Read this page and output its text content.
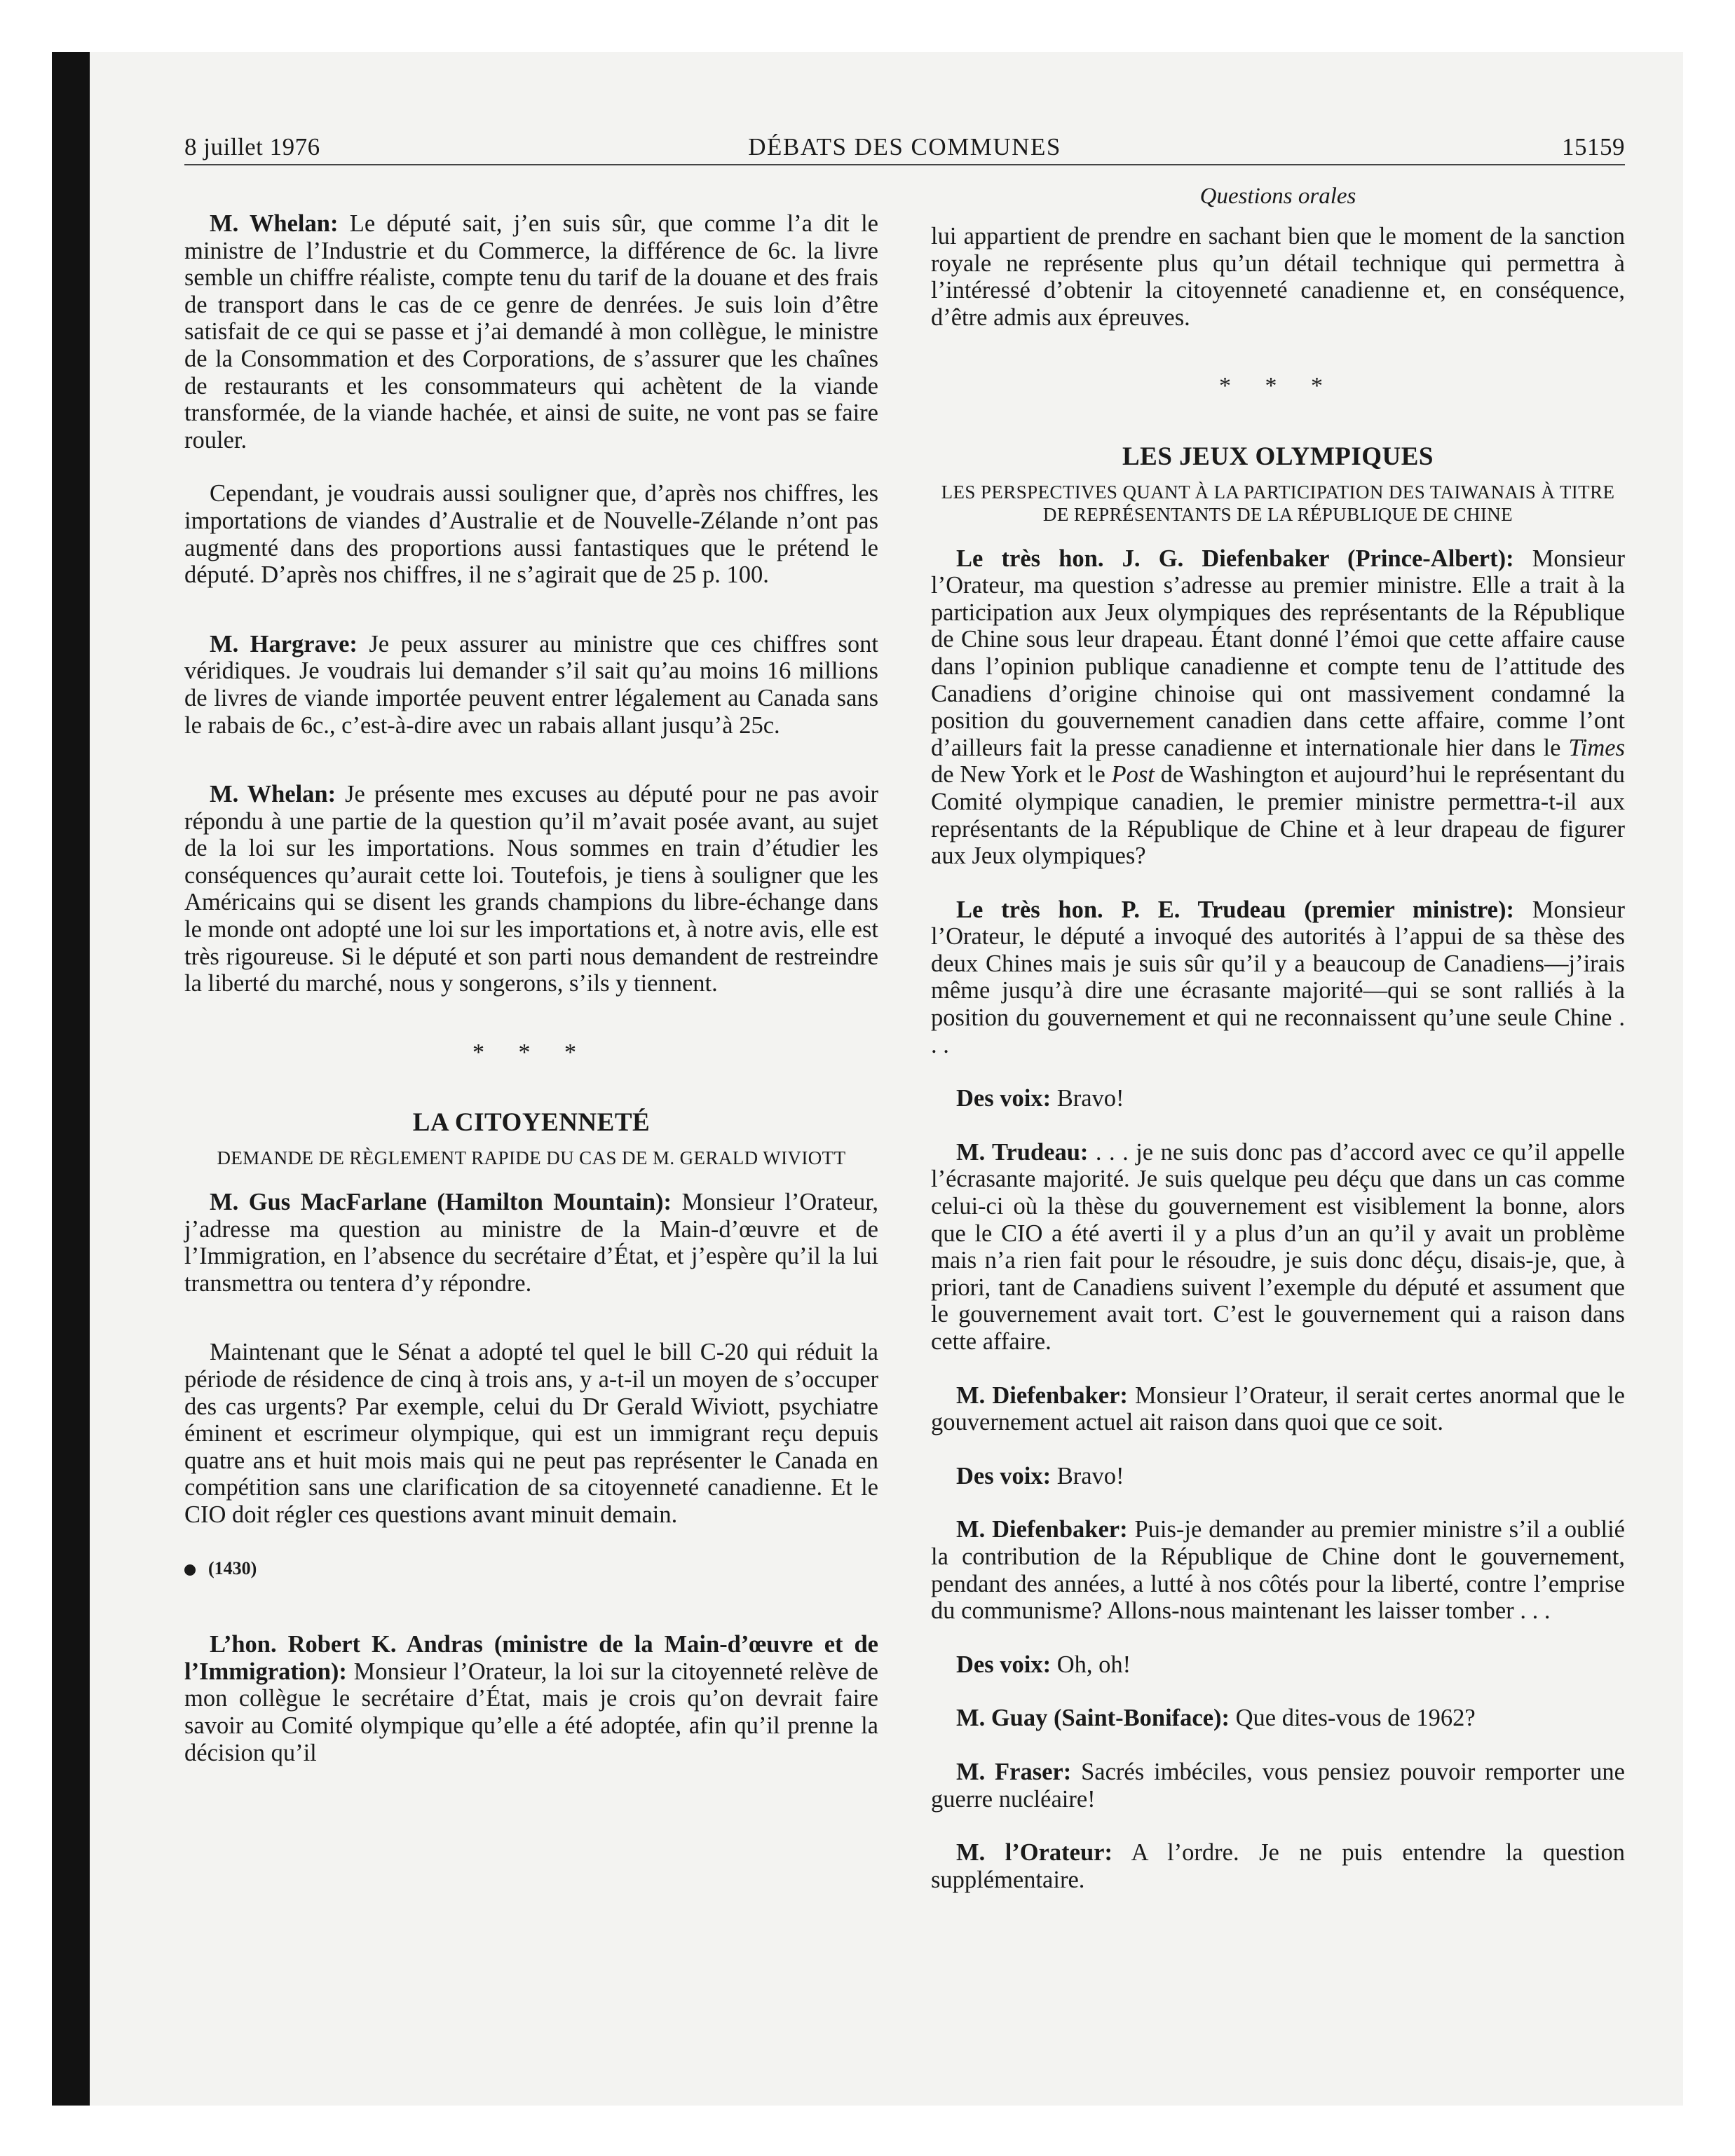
8 juillet 1976	DÉBATS DES COMMUNES	15159
Questions orales

M. Whelan: Le député sait, j’en suis sûr, que comme l’a dit le ministre de l’Industrie et du Commerce, la différence de 6c. la livre semble un chiffre réaliste, compte tenu du tarif de la douane et des frais de transport dans le cas de ce genre de denrées. Je suis loin d’être satisfait de ce qui se passe et j’ai demandé à mon collègue, le ministre de la Consommation et des Corporations, de s’assurer que les chaînes de restaurants et les consommateurs qui achètent de la viande transformée, de la viande hachée, et ainsi de suite, ne vont pas se faire rouler.

Cependant, je voudrais aussi souligner que, d’après nos chiffres, les importations de viandes d’Australie et de Nouvelle-Zélande n’ont pas augmenté dans des proportions aussi fantastiques que le prétend le député. D’après nos chiffres, il ne s’agirait que de 25 p. 100.

M. Hargrave: Je peux assurer au ministre que ces chiffres sont véridiques. Je voudrais lui demander s’il sait qu’au moins 16 millions de livres de viande importée peuvent entrer légalement au Canada sans le rabais de 6c., c’est-à-dire avec un rabais allant jusqu’à 25c.

M. Whelan: Je présente mes excuses au député pour ne pas avoir répondu à une partie de la question qu’il m’avait posée avant, au sujet de la loi sur les importations. Nous sommes en train d’étudier les conséquences qu’aurait cette loi. Toutefois, je tiens à souligner que les Américains qui se disent les grands champions du libre-échange dans le monde ont adopté une loi sur les importations et, à notre avis, elle est très rigoureuse. Si le député et son parti nous demandent de restreindre la liberté du marché, nous y songerons, s’ils y tiennent.

* * *
LA CITOYENNETÉ
DEMANDE DE RÈGLEMENT RAPIDE DU CAS DE M. GERALD WIVIOTT

M. Gus MacFarlane (Hamilton Mountain): Monsieur l’Orateur, j’adresse ma question au ministre de la Main-d’œuvre et de l’Immigration, en l’absence du secrétaire d’État, et j’espère qu’il la lui transmettra ou tentera d’y répondre.

Maintenant que le Sénat a adopté tel quel le bill C-20 qui réduit la période de résidence de cinq à trois ans, y a-t-il un moyen de s’occuper des cas urgents? Par exemple, celui du Dr Gerald Wiviott, psychiatre éminent et escrimeur olympique, qui est un immigrant reçu depuis quatre ans et huit mois mais qui ne peut pas représenter le Canada en compétition sans une clarification de sa citoyenneté canadienne. Et le CIO doit régler ces questions avant minuit demain.

(1430)

L’hon. Robert K. Andras (ministre de la Main-d’œuvre et de l’Immigration): Monsieur l’Orateur, la loi sur la citoyenneté relève de mon collègue le secrétaire d’État, mais je crois qu’on devrait faire savoir au Comité olympique qu’elle a été adoptée, afin qu’il prenne la décision qu’il

lui appartient de prendre en sachant bien que le moment de la sanction royale ne représente plus qu’un détail technique qui permettra à l’intéressé d’obtenir la citoyenneté canadienne et, en conséquence, d’être admis aux épreuves.

* * *
LES JEUX OLYMPIQUES
LES PERSPECTIVES QUANT À LA PARTICIPATION DES TAIWANAIS À TITRE DE REPRÉSENTANTS DE LA RÉPUBLIQUE DE CHINE

Le très hon. J. G. Diefenbaker (Prince-Albert): Monsieur l’Orateur, ma question s’adresse au premier ministre. Elle a trait à la participation aux Jeux olympiques des représentants de la République de Chine sous leur drapeau. Étant donné l’émoi que cette affaire cause dans l’opinion publique canadienne et compte tenu de l’attitude des Canadiens d’origine chinoise qui ont massivement condamné la position du gouvernement canadien dans cette affaire, comme l’ont d’ailleurs fait la presse canadienne et internationale hier dans le Times de New York et le Post de Washington et aujourd’hui le représentant du Comité olympique canadien, le premier ministre permettra-t-il aux représentants de la République de Chine et à leur drapeau de figurer aux Jeux olympiques?

Le très hon. P. E. Trudeau (premier ministre): Monsieur l’Orateur, le député a invoqué des autorités à l’appui de sa thèse des deux Chines mais je suis sûr qu’il y a beaucoup de Canadiens—j’irais même jusqu’à dire une écrasante majorité—qui se sont ralliés à la position du gouvernement et qui ne reconnaissent qu’une seule Chine . . .

Des voix: Bravo!

M. Trudeau: . . . je ne suis donc pas d’accord avec ce qu’il appelle l’écrasante majorité. Je suis quelque peu déçu que dans un cas comme celui-ci où la thèse du gouvernement est visiblement la bonne, alors que le CIO a été averti il y a plus d’un an qu’il y avait un problème mais n’a rien fait pour le résoudre, je suis donc déçu, disais-je, que, à priori, tant de Canadiens suivent l’exemple du député et assument que le gouvernement avait tort. C’est le gouvernement qui a raison dans cette affaire.

M. Diefenbaker: Monsieur l’Orateur, il serait certes anormal que le gouvernement actuel ait raison dans quoi que ce soit.

Des voix: Bravo!

M. Diefenbaker: Puis-je demander au premier ministre s’il a oublié la contribution de la République de Chine dont le gouvernement, pendant des années, a lutté à nos côtés pour la liberté, contre l’emprise du communisme? Allons-nous maintenant les laisser tomber . . .

Des voix: Oh, oh!

M. Guay (Saint-Boniface): Que dites-vous de 1962?

M. Fraser: Sacrés imbéciles, vous pensiez pouvoir remporter une guerre nucléaire!

M. l’Orateur: A l’ordre. Je ne puis entendre la question supplémentaire.
